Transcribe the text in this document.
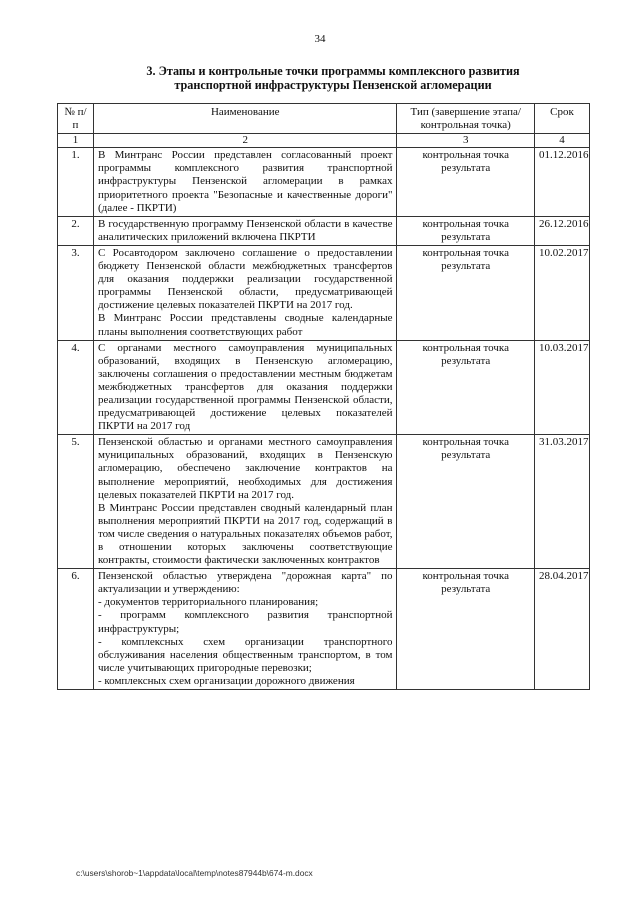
34
3. Этапы и контрольные точки программы комплексного развития
транспортной инфраструктуры Пензенской агломерации
№ п/п	Наименование	Тип (завершение этапа/ контрольная точка)	Срок
1	2	3	4
1.	В Минтранс России представлен согласованный проект программы комплексного развития транспортной инфраструктуры Пензенской агломерации в рамках приоритетного проекта "Безопасные и качественные дороги" (далее - ПКРТИ)	контрольная точка результата	01.12.2016
2.	В государственную программу Пензенской области в качестве аналитических приложений включена ПКРТИ	контрольная точка результата	26.12.2016
3.	С Росавтодором заключено соглашение о предоставлении бюджету Пензенской области межбюджетных трансфертов для оказания поддержки реализации государственной программы Пензенской области, предусматривающей достижение целевых показателей ПКРТИ на 2017 год.
В Минтранс России представлены сводные календарные планы выполнения соответствующих работ	контрольная точка результата	10.02.2017
4.	С органами местного самоуправления муниципальных образований, входящих в Пензенскую агломерацию, заключены соглашения о предоставлении местным бюджетам межбюджетных трансфертов для оказания поддержки реализации государственной программы Пензенской области, предусматривающей достижение целевых показателей ПКРТИ на 2017 год	контрольная точка результата	10.03.2017
5.	Пензенской областью и органами местного самоуправления муниципальных образований, входящих в Пензенскую агломерацию, обеспечено заключение контрактов на выполнение мероприятий, необходимых для достижения целевых показателей ПКРТИ на 2017 год.
В Минтранс России представлен сводный календарный план выполнения мероприятий ПКРТИ на 2017 год, содержащий в том числе сведения о натуральных показателях объемов работ, в отношении которых заключены соответствующие контракты, стоимости фактически заключенных контрактов	контрольная точка результата	31.03.2017
6.	Пензенской областью утверждена "дорожная карта" по актуализации и утверждению:
- документов территориального планирования;
- программ комплексного развития транспортной инфраструктуры;
- комплексных схем организации транспортного обслуживания населения общественным транспортом, в том числе учитывающих пригородные перевозки;
- комплексных схем организации дорожного движения	контрольная точка результата	28.04.2017
c:\users\shorob~1\appdata\local\temp\notes87944b\674-m.docx
